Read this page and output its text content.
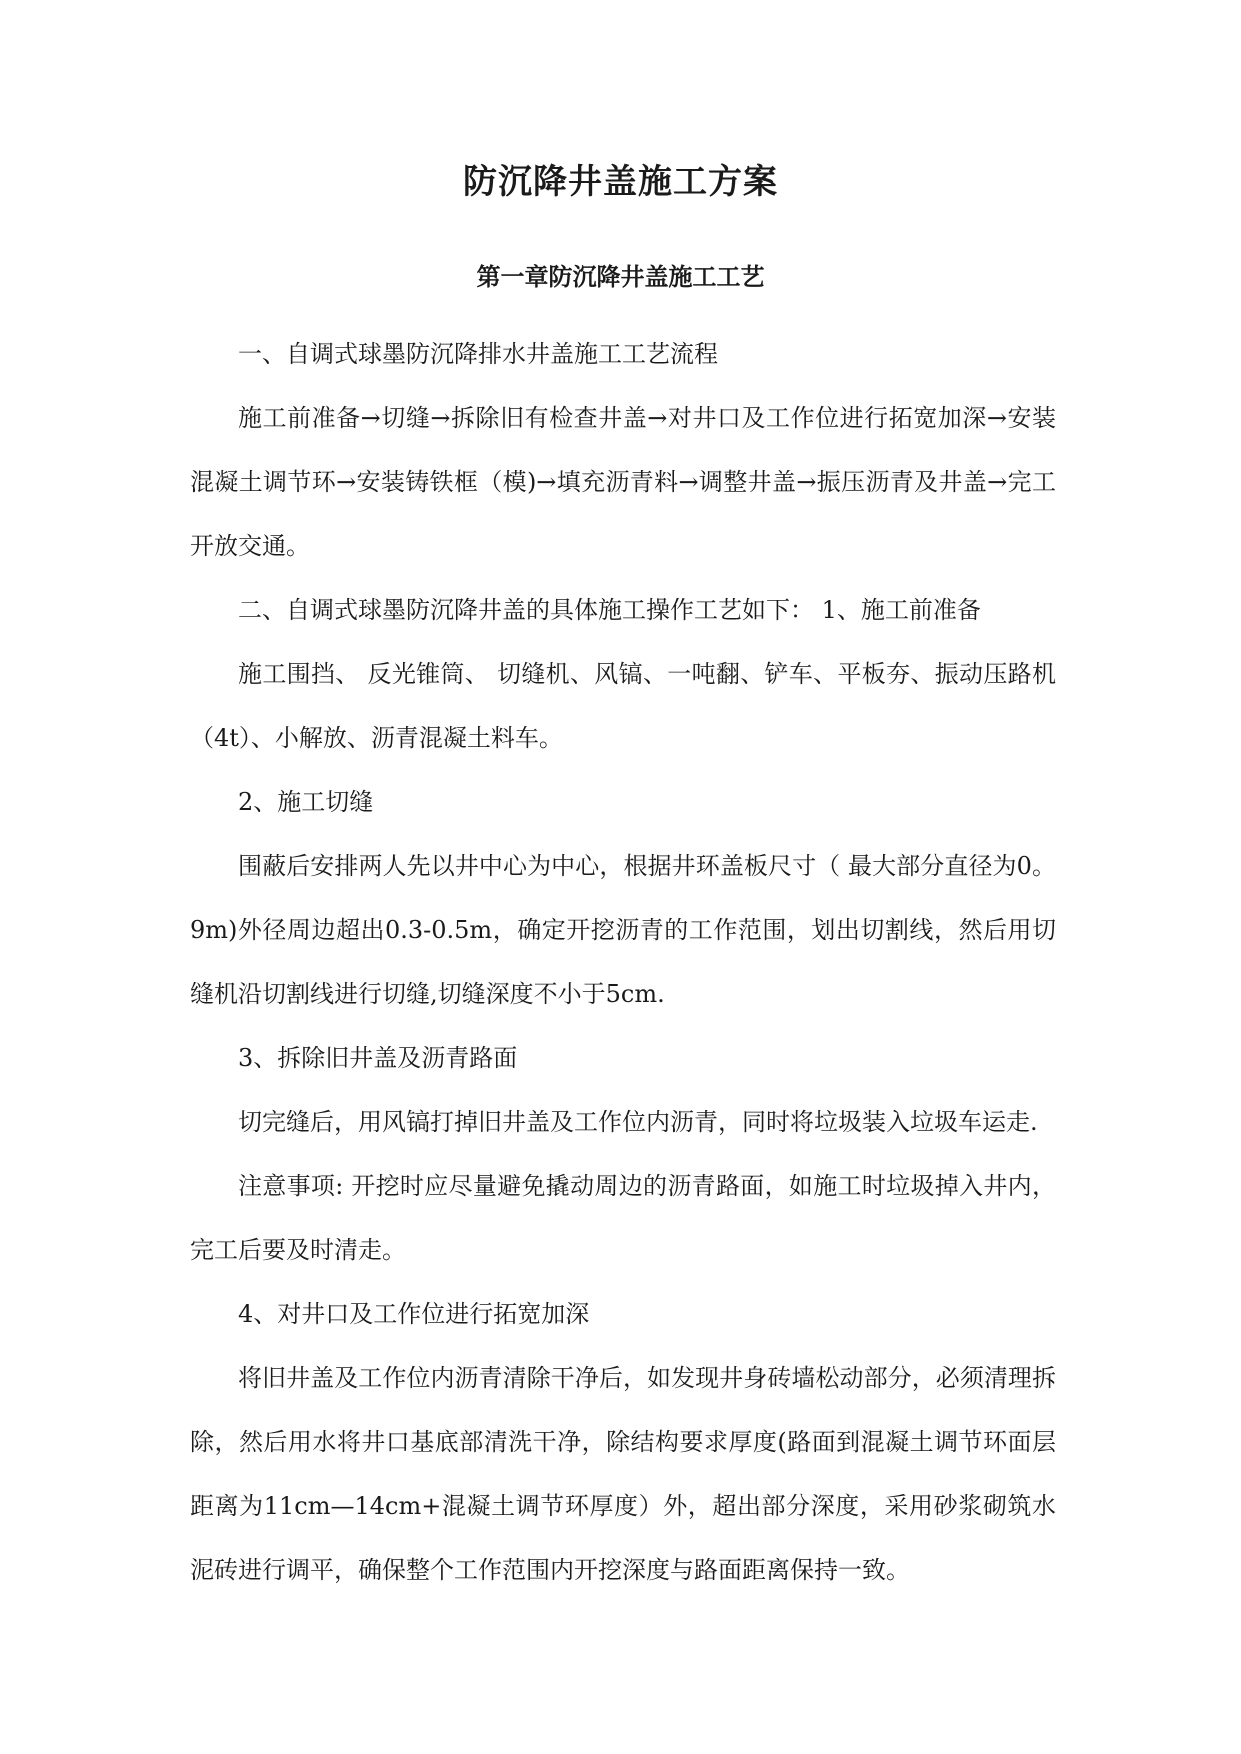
防沉降井盖施工方案
第一章防沉降井盖施工工艺

一、自调式球墨防沉降排水井盖施工工艺流程

施工前准备→切缝→拆除旧有检查井盖→对井口及工作位进行拓宽加深→安装混凝土调节环→安装铸铁框（模)→填充沥青料→调整井盖→振压沥青及井盖→完工开放交通。

二、自调式球墨防沉降井盖的具体施工操作工艺如下： 1、施工前准备

施工围挡、 反光锥筒、 切缝机、风镐、一吨翻、铲车、平板夯、振动压路机（4t）、小解放、沥青混凝土料车。

2、施工切缝

围蔽后安排两人先以井中心为中心，根据井环盖板尺寸（ 最大部分直径为0。9m)外径周边超出0.3-0.5m，确定开挖沥青的工作范围，划出切割线，然后用切缝机沿切割线进行切缝,切缝深度不小于5cm.

3、拆除旧井盖及沥青路面

切完缝后，用风镐打掉旧井盖及工作位内沥青，同时将垃圾装入垃圾车运走.

注意事项: 开挖时应尽量避免撬动周边的沥青路面，如施工时垃圾掉入井内，完工后要及时清走。

4、对井口及工作位进行拓宽加深

将旧井盖及工作位内沥青清除干净后，如发现井身砖墙松动部分，必须清理拆除，然后用水将井口基底部清洗干净，除结构要求厚度(路面到混凝土调节环面层距离为11cm—14cm+混凝土调节环厚度）外，超出部分深度，采用砂浆砌筑水泥砖进行调平，确保整个工作范围内开挖深度与路面距离保持一致。
